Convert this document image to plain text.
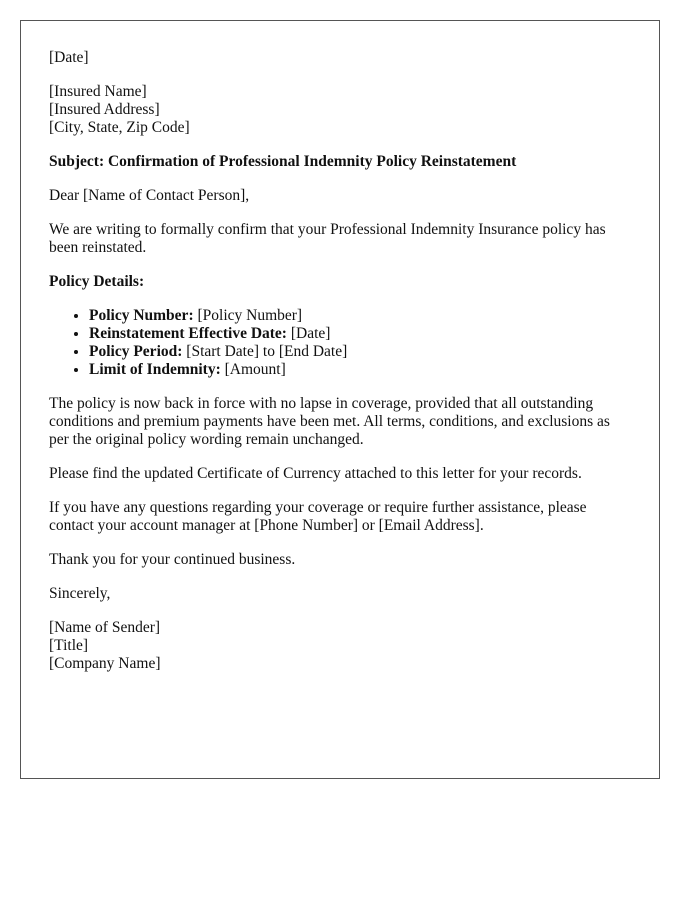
[Date]

[Insured Name]
[Insured Address]
[City, State, Zip Code]

Subject: Confirmation of Professional Indemnity Policy Reinstatement

Dear [Name of Contact Person],

We are writing to formally confirm that your Professional Indemnity Insurance policy has been reinstated.

Policy Details:

• Policy Number: [Policy Number]
• Reinstatement Effective Date: [Date]
• Policy Period: [Start Date] to [End Date]
• Limit of Indemnity: [Amount]

The policy is now back in force with no lapse in coverage, provided that all outstanding conditions and premium payments have been met. All terms, conditions, and exclusions as per the original policy wording remain unchanged.

Please find the updated Certificate of Currency attached to this letter for your records.

If you have any questions regarding your coverage or require further assistance, please contact your account manager at [Phone Number] or [Email Address].

Thank you for your continued business.

Sincerely,

[Name of Sender]
[Title]
[Company Name]
